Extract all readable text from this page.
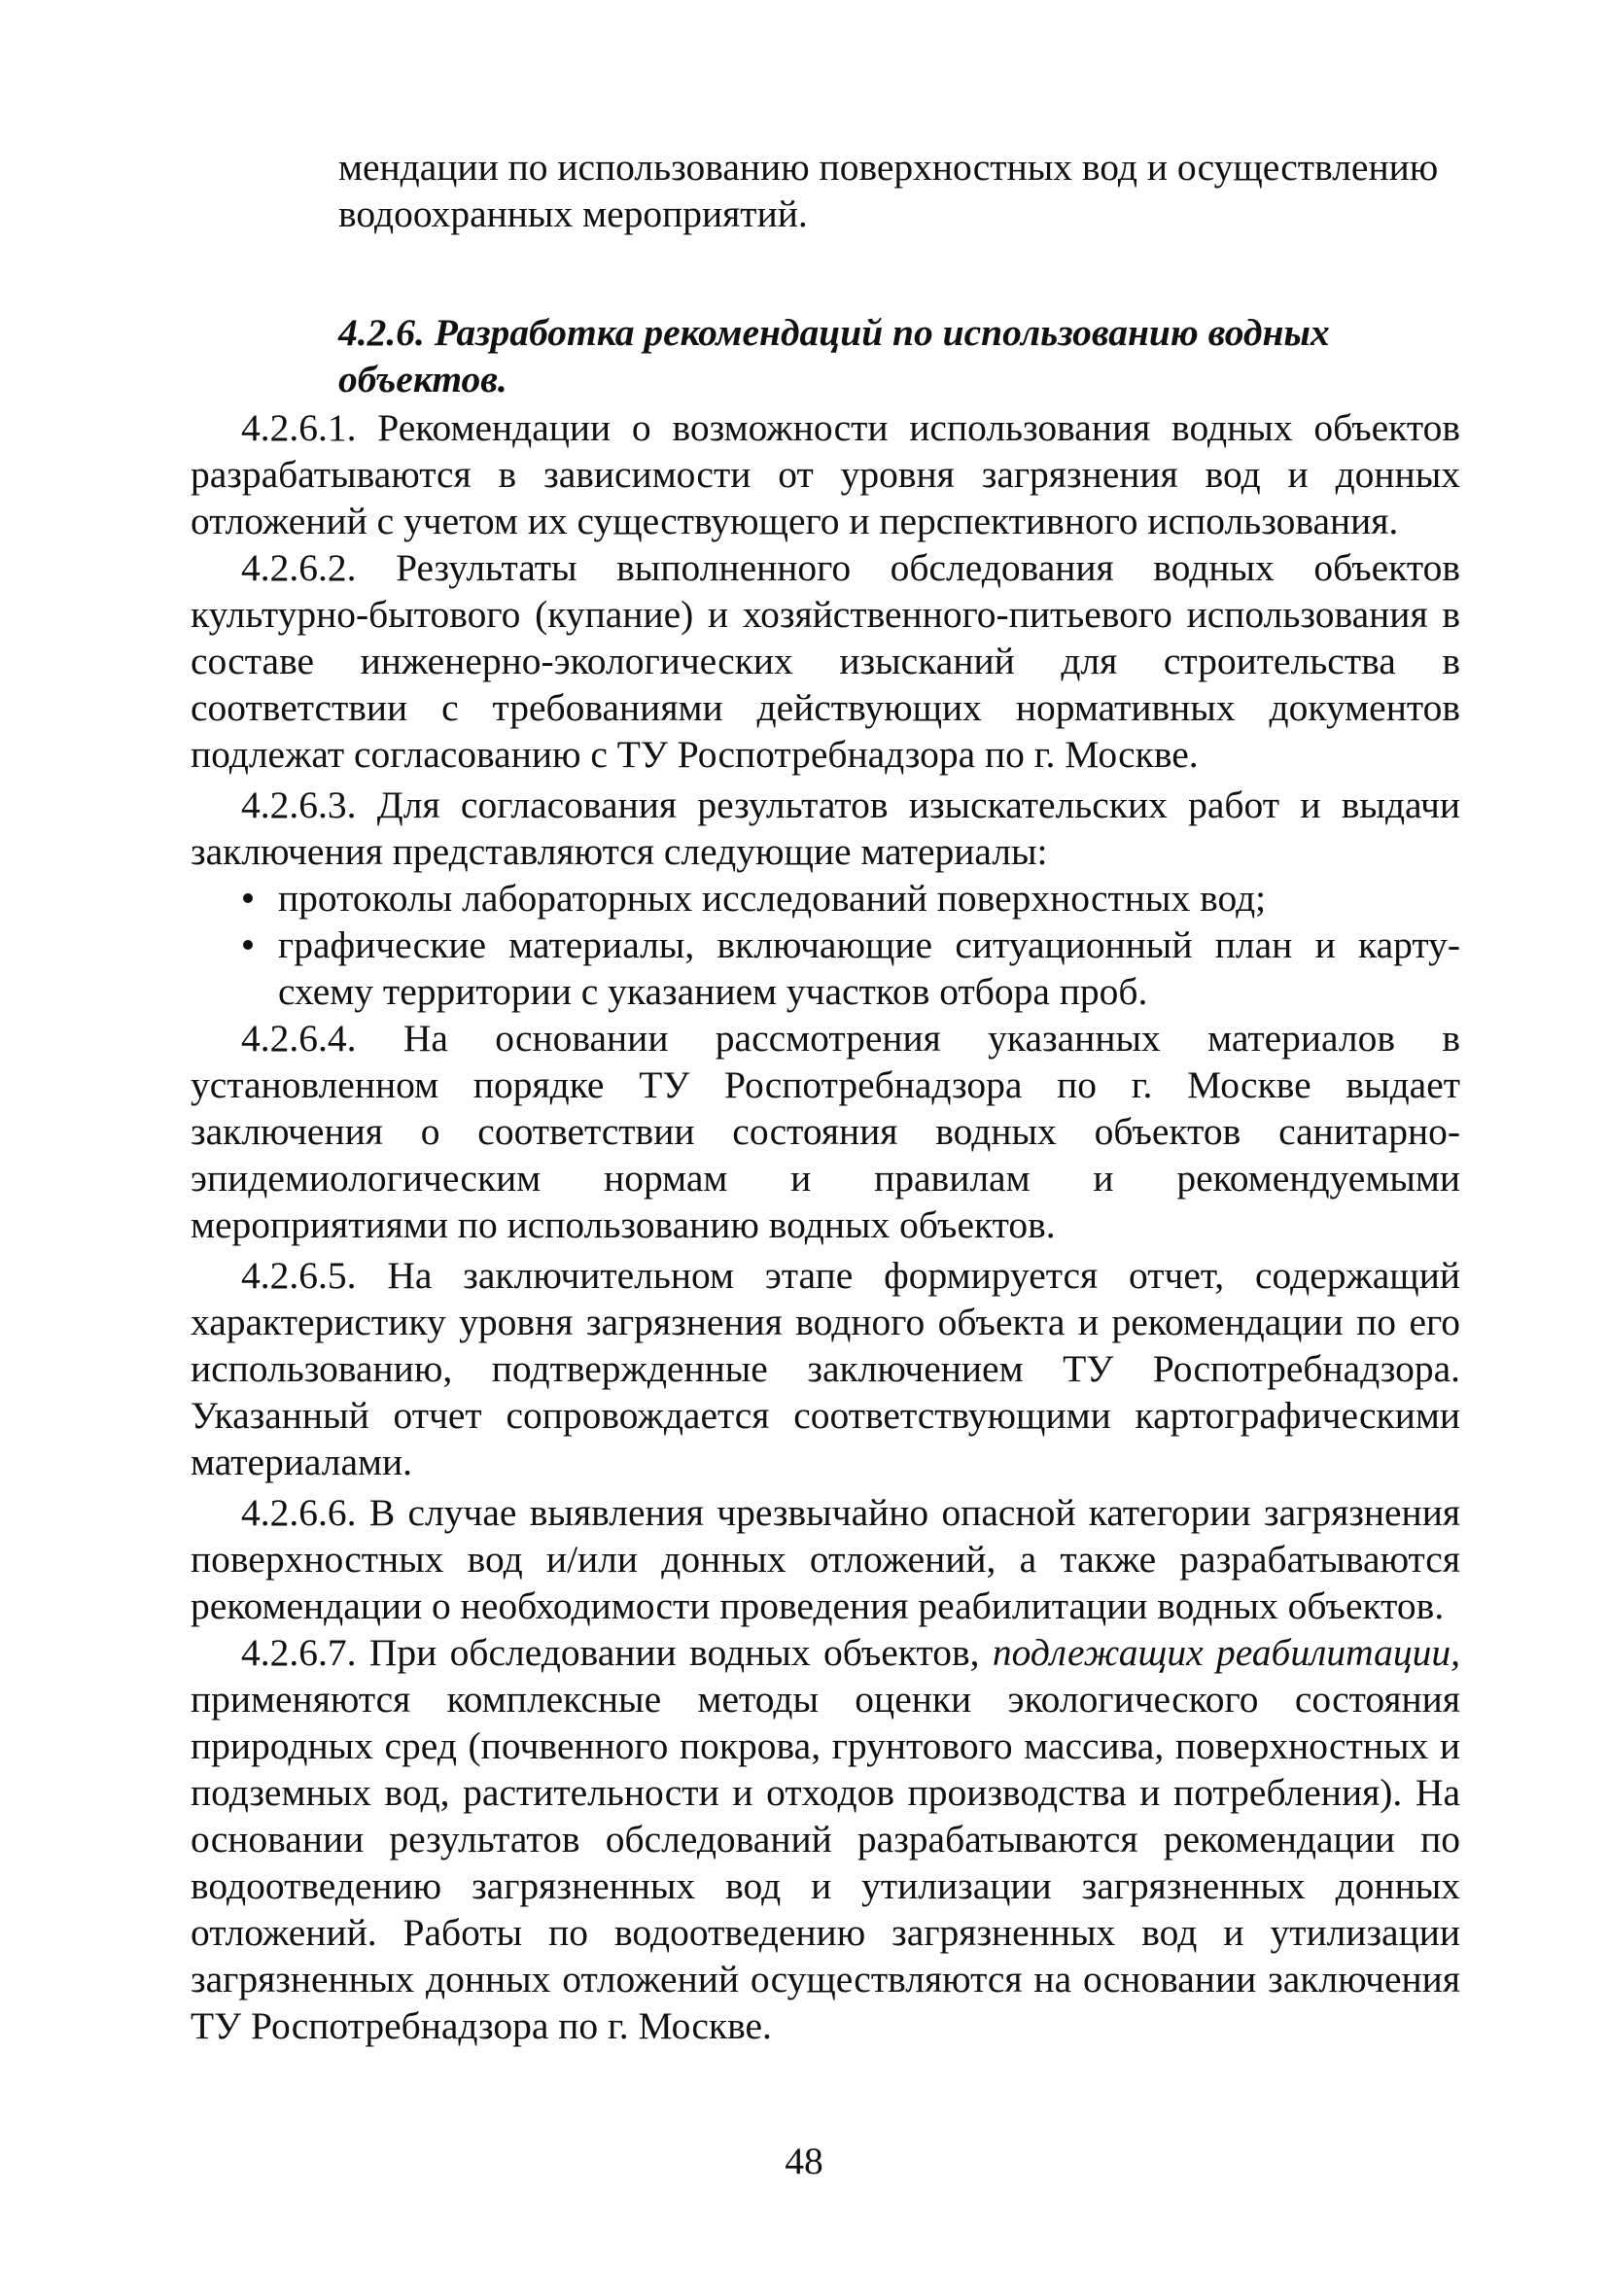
мендации по использованию поверхностных вод и осуществлению водоохранных мероприятий.
4.2.6. Разработка рекомендаций по использованию водных объектов.

4.2.6.1. Рекомендации о возможности использования водных объектов разрабатываются в зависимости от уровня загрязнения вод и донных отложений с учетом их существующего и перспективного использования.

4.2.6.2. Результаты выполненного обследования водных объектов культурно-бытового (купание) и хозяйственного-питьевого использования в составе инженерно-экологических изысканий для строительства в соответствии с требованиями действующих нормативных документов подлежат согласованию с ТУ Роспотребнадзора по г. Москве.

4.2.6.3. Для согласования результатов изыскательских работ и выдачи заключения представляются следующие материалы:

протоколы лабораторных исследований поверхностных вод;
графические материалы, включающие ситуационный план и карту-схему территории с указанием участков отбора проб.

4.2.6.4. На основании рассмотрения указанных материалов в установленном порядке ТУ Роспотребнадзора по г. Москве выдает заключения о соответствии состояния водных объектов санитарно-эпидемиологическим нормам и правилам и рекомендуемыми мероприятиями по использованию водных объектов.

4.2.6.5. На заключительном этапе формируется отчет, содержащий характеристику уровня загрязнения водного объекта и рекомендации по его использованию, подтвержденные заключением ТУ Роспотребнадзора. Указанный отчет сопровождается соответствующими картографическими материалами.

4.2.6.6. В случае выявления чрезвычайно опасной категории загрязнения поверхностных вод и/или донных отложений, а также разрабатываются рекомендации о необходимости проведения реабилитации водных объектов.

4.2.6.7. При обследовании водных объектов, подлежащих реабилитации, применяются комплексные методы оценки экологического состояния природных сред (почвенного покрова, грунтового массива, поверхностных и подземных вод, растительности и отходов производства и потребления). На основании результатов обследований разрабатываются рекомендации по водоотведению загрязненных вод и утилизации загрязненных донных отложений. Работы по водоотведению загрязненных вод и утилизации загрязненных донных отложений осуществляются на основании заключения ТУ Роспотребнадзора по г. Москве.

48
